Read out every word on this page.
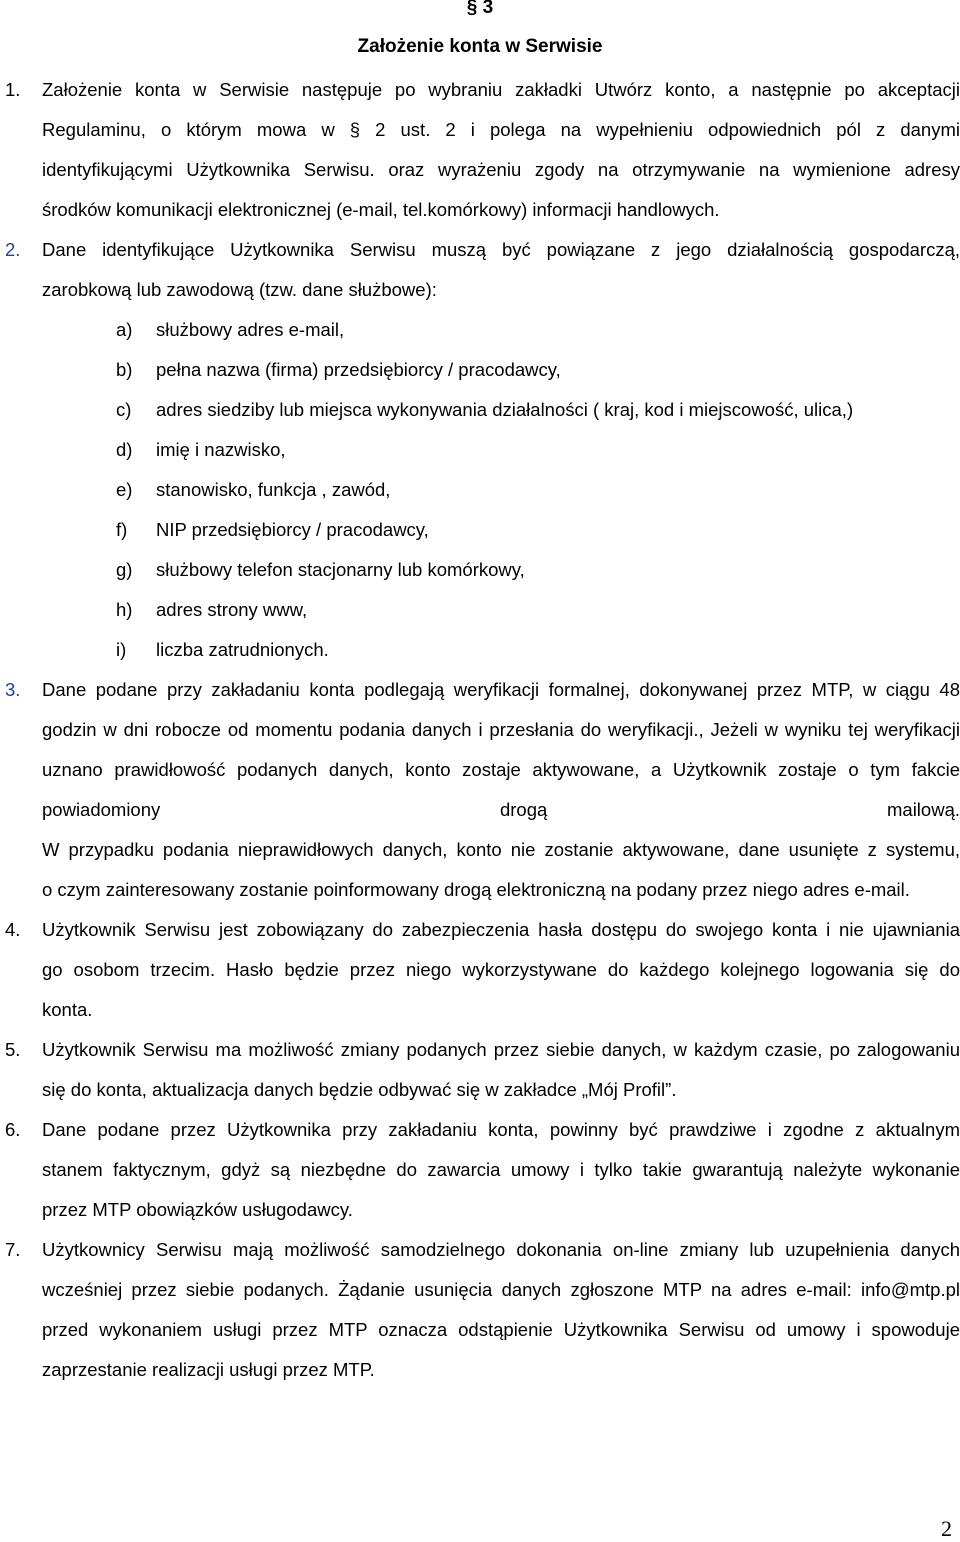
§ 3
Założenie konta w Serwisie
1. Założenie konta w Serwisie następuje po wybraniu zakładki Utwórz konto, a następnie po akceptacji
Regulaminu, o którym mowa w § 2 ust. 2 i polega na wypełnieniu odpowiednich pól z danymi
identyfikującymi Użytkownika Serwisu. oraz wyrażeniu zgody na otrzymywanie na wymienione adresy
środków komunikacji elektronicznej (e-mail, tel.komórkowy) informacji handlowych.
2. Dane identyfikujące Użytkownika Serwisu muszą być powiązane z jego działalnością gospodarczą,
zarobkową lub zawodową (tzw. dane służbowe):
a) służbowy adres e-mail,
b) pełna nazwa (firma) przedsiębiorcy / pracodawcy,
c) adres siedziby lub miejsca wykonywania działalności ( kraj, kod i miejscowość, ulica,)
d) imię i nazwisko,
e) stanowisko, funkcja , zawód,
f) NIP przedsiębiorcy / pracodawcy,
g) służbowy telefon stacjonarny lub komórkowy,
h) adres strony www,
i) liczba zatrudnionych.
3. Dane podane przy zakładaniu konta podlegają weryfikacji formalnej, dokonywanej przez MTP, w ciągu 48
godzin w dni robocze od momentu podania danych i przesłania do weryfikacji., Jeżeli w wyniku tej weryfikacji
uznano prawidłowość podanych danych, konto zostaje aktywowane, a Użytkownik zostaje o tym fakcie
powiadomiony drogą mailową.
W przypadku podania nieprawidłowych danych, konto nie zostanie aktywowane, dane usunięte z systemu,
o czym zainteresowany zostanie poinformowany drogą elektroniczną na podany przez niego adres e-mail.
4. Użytkownik Serwisu jest zobowiązany do zabezpieczenia hasła dostępu do swojego konta i nie ujawniania
go osobom trzecim. Hasło będzie przez niego wykorzystywane do każdego kolejnego logowania się do
konta.
5. Użytkownik Serwisu ma możliwość zmiany podanych przez siebie danych, w każdym czasie, po zalogowaniu
się do konta, aktualizacja danych będzie odbywać się w zakładce „Mój Profil”.
6. Dane podane przez Użytkownika przy zakładaniu konta, powinny być prawdziwe i zgodne z aktualnym
stanem faktycznym, gdyż są niezbędne do zawarcia umowy i tylko takie gwarantują należyte wykonanie
przez MTP obowiązków usługodawcy.
7. Użytkownicy Serwisu mają możliwość samodzielnego dokonania on-line zmiany lub uzupełnienia danych
wcześniej przez siebie podanych. Żądanie usunięcia danych zgłoszone MTP na adres e-mail: info@mtp.pl
przed wykonaniem usługi przez MTP oznacza odstąpienie Użytkownika Serwisu od umowy i spowoduje
zaprzestanie realizacji usługi przez MTP.
2
